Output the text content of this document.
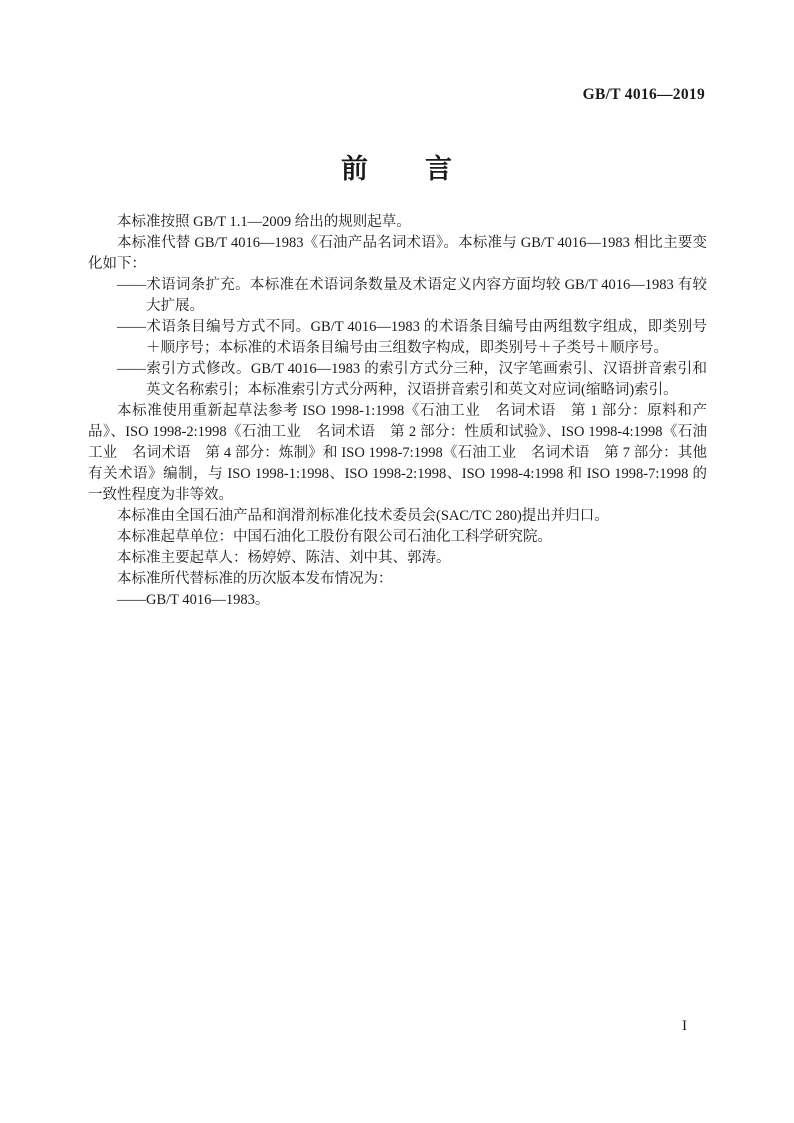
GB/T 4016—2019
前　　言

本标准按照 GB/T 1.1—2009 给出的规则起草。

本标准代替 GB/T 4016—1983《石油产品名词术语》。本标准与 GB/T 4016—1983 相比主要变化如下：

——术语词条扩充。本标准在术语词条数量及术语定义内容方面均较 GB/T 4016—1983 有较大扩展。

——术语条目编号方式不同。GB/T 4016—1983 的术语条目编号由两组数字组成，即类别号＋顺序号；本标准的术语条目编号由三组数字构成，即类别号＋子类号＋顺序号。

——索引方式修改。GB/T 4016—1983 的索引方式分三种，汉字笔画索引、汉语拼音索引和英文名称索引；本标准索引方式分两种，汉语拼音索引和英文对应词(缩略词)索引。

本标准使用重新起草法参考 ISO 1998-1:1998《石油工业　名词术语　第 1 部分：原料和产品》、ISO 1998-2:1998《石油工业　名词术语　第 2 部分：性质和试验》、ISO 1998-4:1998《石油工业　名词术语　第 4 部分：炼制》和 ISO 1998-7:1998《石油工业　名词术语　第 7 部分：其他有关术语》编制，与 ISO 1998-1:1998、ISO 1998-2:1998、ISO 1998-4:1998 和 ISO 1998-7:1998 的一致性程度为非等效。

本标准由全国石油产品和润滑剂标准化技术委员会(SAC/TC 280)提出并归口。

本标准起草单位：中国石油化工股份有限公司石油化工科学研究院。

本标准主要起草人：杨婷婷、陈洁、刘中其、郭涛。

本标准所代替标准的历次版本发布情况为：

——GB/T 4016—1983。

I
